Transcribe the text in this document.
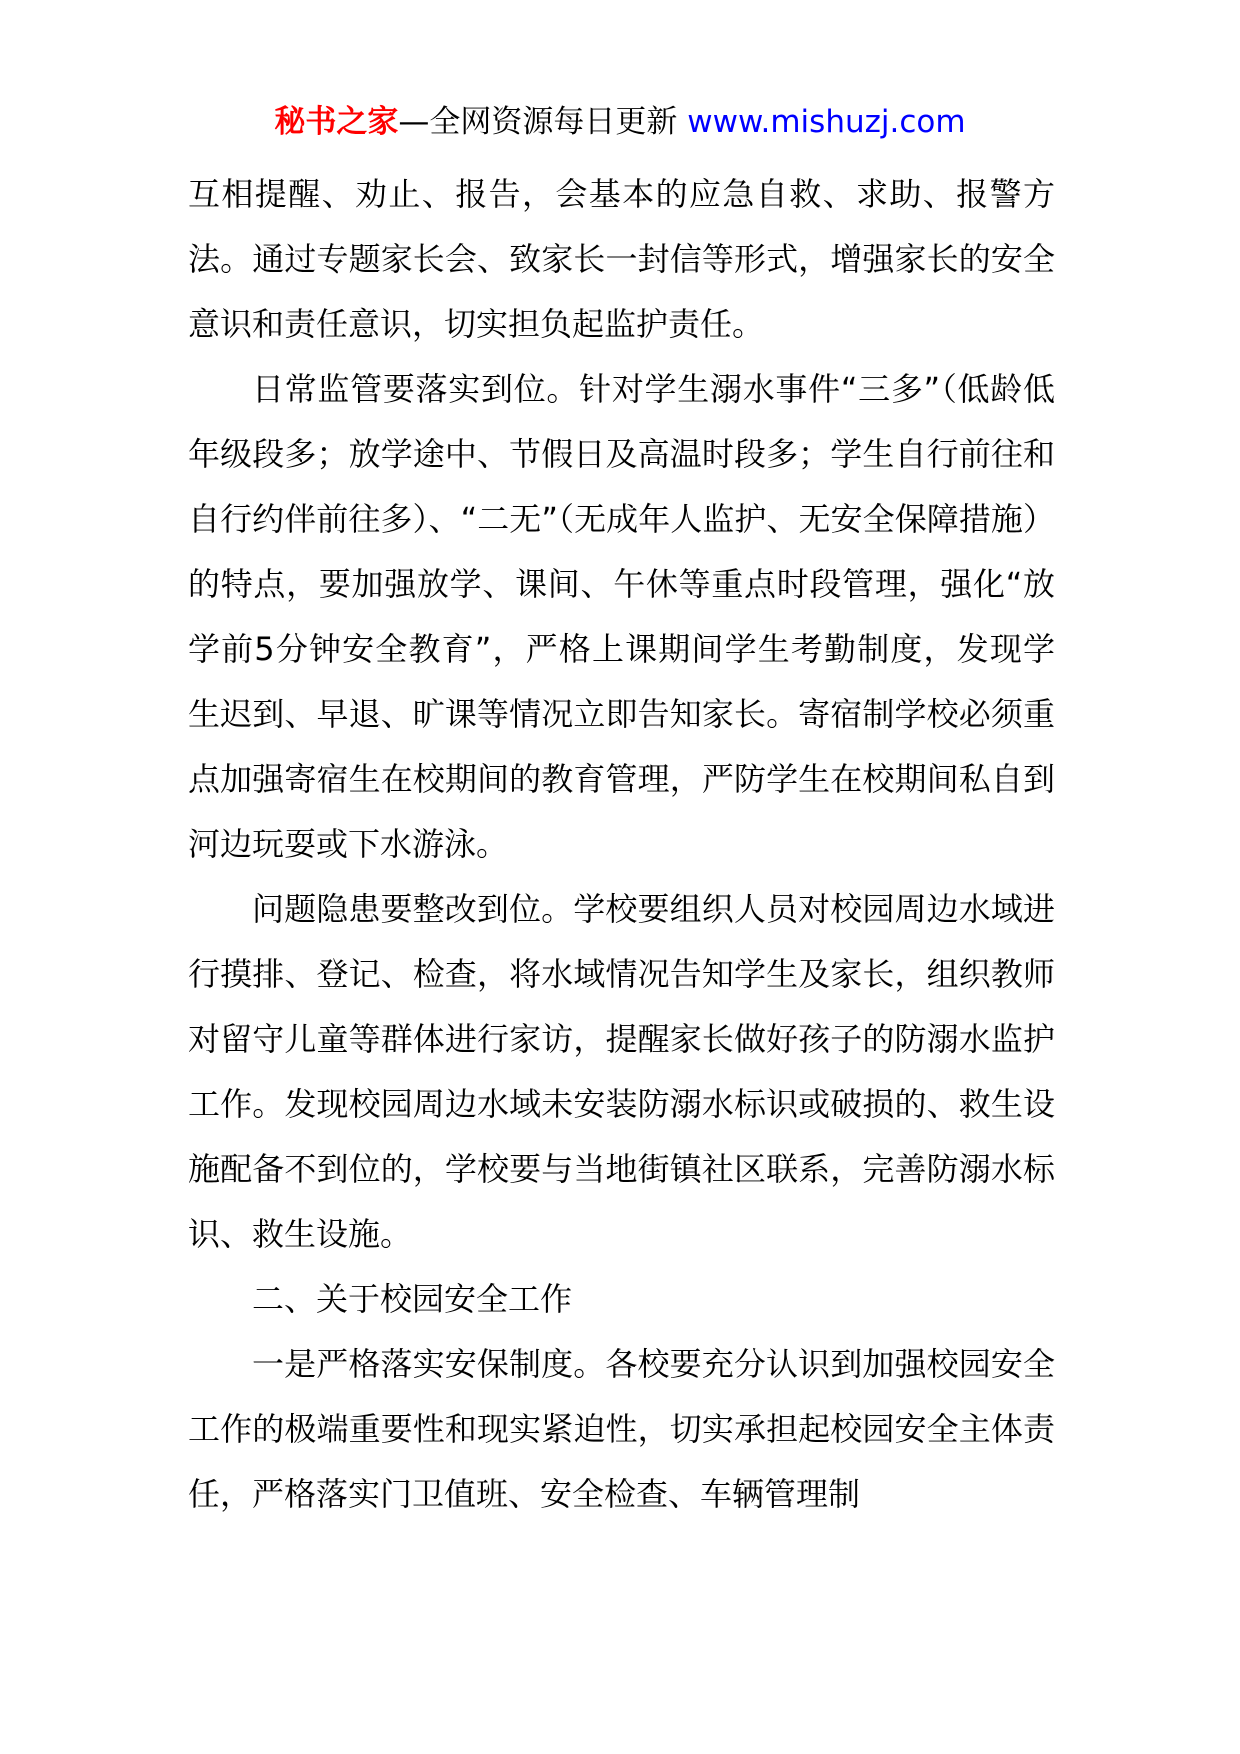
秘书之家—全网资源每日更新 www.mishuzj.com

互相提醒、劝止、报告，会基本的应急自救、求助、报警方法。通过专题家长会、致家长一封信等形式，增强家长的安全意识和责任意识，切实担负起监护责任。

日常监管要落实到位。针对学生溺水事件“三多”（低龄低年级段多；放学途中、节假日及高温时段多；学生自行前往和自行约伴前往多）、“二无”（无成年人监护、无安全保障措施）的特点，要加强放学、课间、午休等重点时段管理，强化“放学前5分钟安全教育”，严格上课期间学生考勤制度，发现学生迟到、早退、旷课等情况立即告知家长。寄宿制学校必须重点加强寄宿生在校期间的教育管理，严防学生在校期间私自到河边玩耍或下水游泳。

问题隐患要整改到位。学校要组织人员对校园周边水域进行摸排、登记、检查，将水域情况告知学生及家长，组织教师对留守儿童等群体进行家访，提醒家长做好孩子的防溺水监护工作。发现校园周边水域未安装防溺水标识或破损的、救生设施配备不到位的，学校要与当地街镇社区联系，完善防溺水标识、救生设施。

二、关于校园安全工作

一是严格落实安保制度。各校要充分认识到加强校园安全工作的极端重要性和现实紧迫性，切实承担起校园安全主体责任，严格落实门卫值班、安全检查、车辆管理制
